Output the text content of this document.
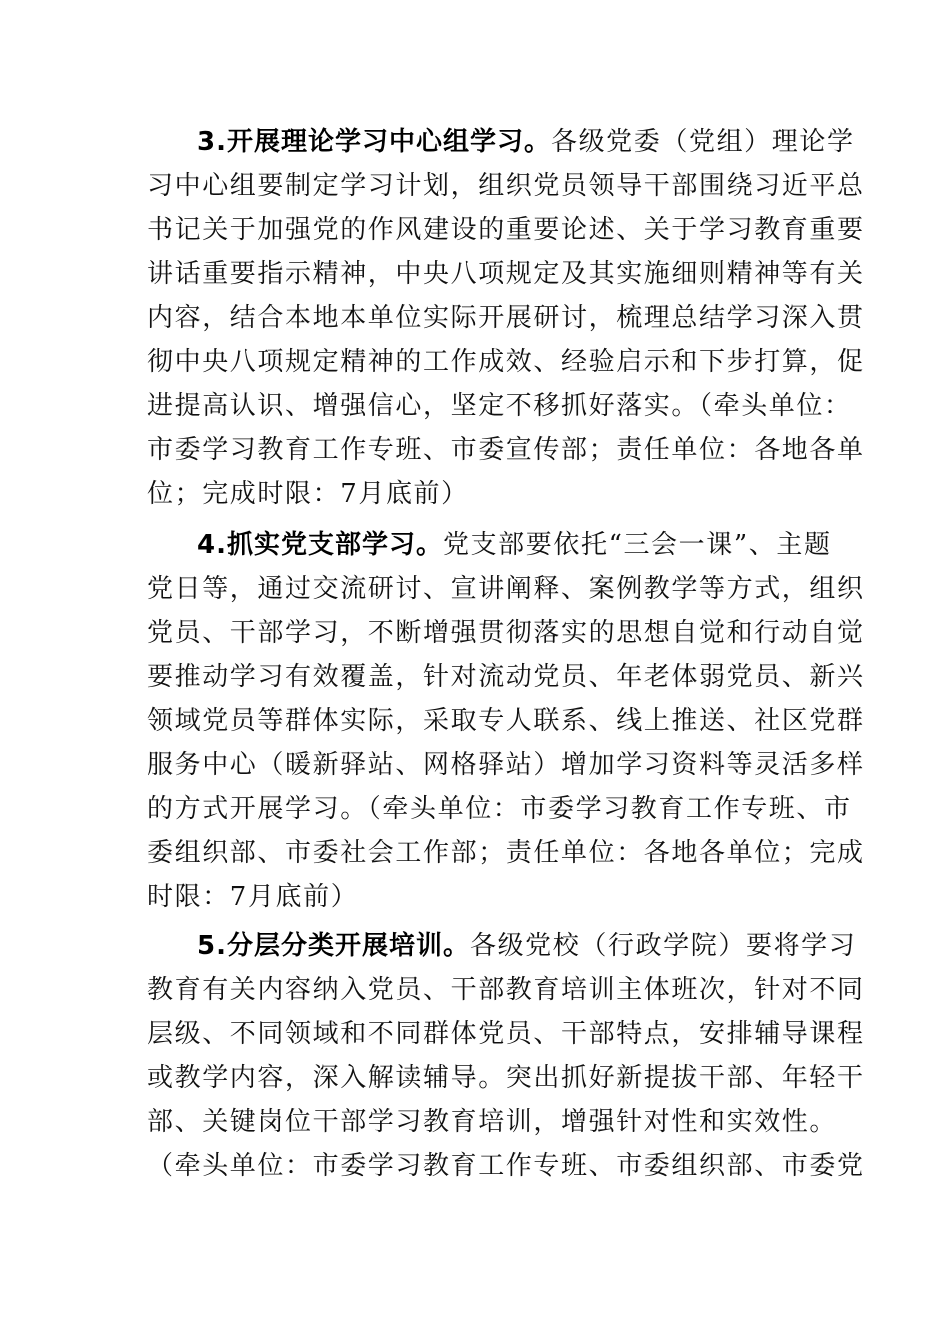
3.开展理论学习中心组学习。各级党委（党组）理论学
习中心组要制定学习计划，组织党员领导干部围绕习近平总
书记关于加强党的作风建设的重要论述、关于学习教育重要
讲话重要指示精神，中央八项规定及其实施细则精神等有关
内容，结合本地本单位实际开展研讨，梳理总结学习深入贯
彻中央八项规定精神的工作成效、经验启示和下步打算，促
进提高认识、增强信心，坚定不移抓好落实。（牵头单位：
市委学习教育工作专班、市委宣传部；责任单位：各地各单
位；完成时限：7月底前）
4.抓实党支部学习。党支部要依托“三会一课”、主题
党日等，通过交流研讨、宣讲阐释、案例教学等方式，组织
党员、干部学习，不断增强贯彻落实的思想自觉和行动自觉
要推动学习有效覆盖，针对流动党员、年老体弱党员、新兴
领域党员等群体实际，采取专人联系、线上推送、社区党群
服务中心（暖新驿站、网格驿站）增加学习资料等灵活多样
的方式开展学习。（牵头单位：市委学习教育工作专班、市
委组织部、市委社会工作部；责任单位：各地各单位；完成
时限：7月底前）
5.分层分类开展培训。各级党校（行政学院）要将学习
教育有关内容纳入党员、干部教育培训主体班次，针对不同
层级、不同领域和不同群体党员、干部特点，安排辅导课程
或教学内容，深入解读辅导。突出抓好新提拔干部、年轻干
部、关键岗位干部学习教育培训，增强针对性和实效性。
（牵头单位：市委学习教育工作专班、市委组织部、市委党
